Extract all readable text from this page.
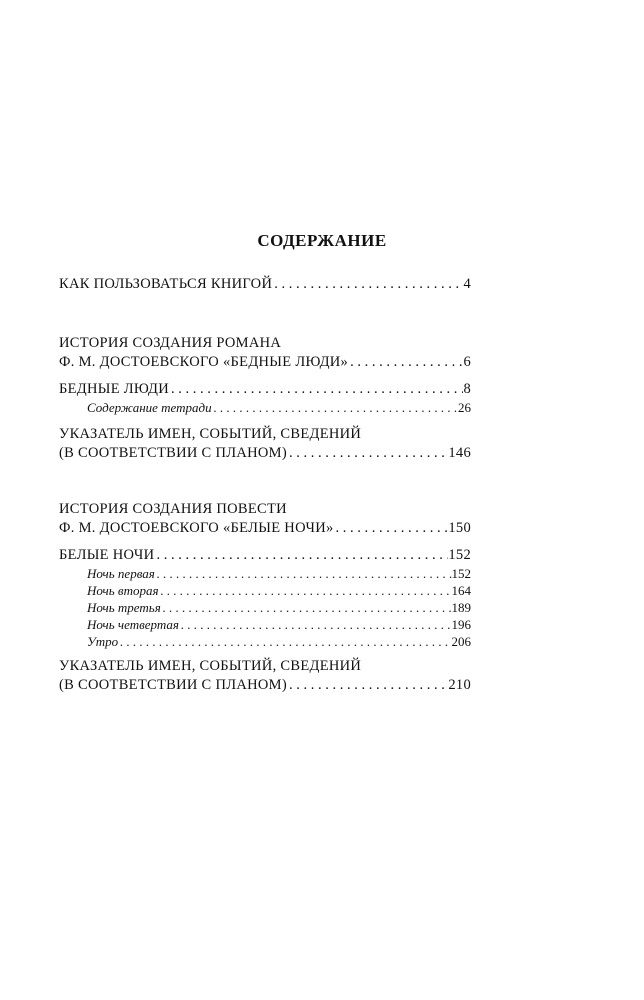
СОДЕРЖАНИЕ
КАК ПОЛЬЗОВАТЬСЯ КНИГОЙ . . .	4
ИСТОРИЯ СОЗДАНИЯ РОМАНА
Ф. М. ДОСТОЕВСКОГО «БЕДНЫЕ ЛЮДИ» . . .	6
БЕДНЫЕ ЛЮДИ . . .	8
Содержание тетради . . .	26
УКАЗАТЕЛЬ ИМЕН, СОБЫТИЙ, СВЕДЕНИЙ
(В СООТВЕТСТВИИ С ПЛАНОМ) . . .	146
ИСТОРИЯ СОЗДАНИЯ ПОВЕСТИ
Ф. М. ДОСТОЕВСКОГО «БЕЛЫЕ НОЧИ» . . .	150
БЕЛЫЕ НОЧИ . . .	152
Ночь первая . . .	152
Ночь вторая . . .	164
Ночь третья . . .	189
Ночь четвертая . . .	196
Утро . . .	206
УКАЗАТЕЛЬ ИМЕН, СОБЫТИЙ, СВЕДЕНИЙ
(В СООТВЕТСТВИИ С ПЛАНОМ) . . .	210
